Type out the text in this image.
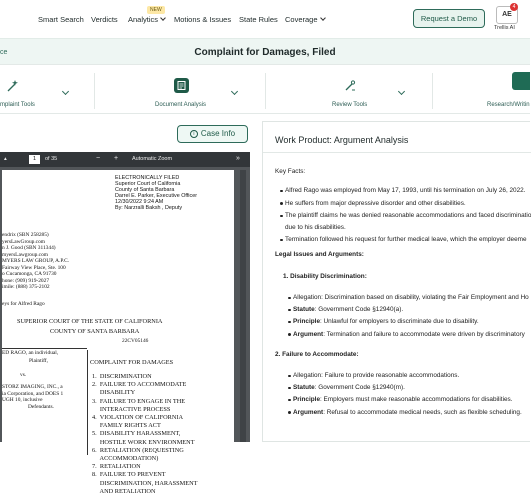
Smart Search Verdicts
NEW
Analytics	Motions & Issues State Rules Coverage	Request a Demo	AE
4
Trellis AI
ce	Complaint for Damages, Filed
mplaint Tools	Document Analysis	Review Tools	Research/Writin
i Case Info
▴	1	of 35	− +	Automatic Zoom	»
ELECTRONICALLY FILED
Superior Court of California
County of Santa Barbara
Darrel E. Parker, Executive Officer
12/30/2022 9:24 AM
By: Narzralli Baksh , Deputy
endrix (SBN 258285)
yersLawGroup.com
n J. Good (SBN 311344)
myersLawgroup.com
MYERS LAW GROUP, A.P.C.
Fairway View Place, Ste. 100
o Cucamonga, CA 91730
hone: (909) 919-2027
imile: (888) 375-2102
eys for Alfred Rago
SUPERIOR COURT OF THE STATE OF CALIFORNIA
COUNTY OF SANTA BARBARA
22CV05146
ED RAGO, an individual,
Plaintiff,
vs.
STORZ IMAGING, INC., a
ia Corporation, and DOES 1
UGH 10, inclusive
Defendants.
COMPLAINT FOR DAMAGES
1.  DISCRIMINATION
2.  FAILURE TO ACCOMMODATE
DISABILITY
3.  FAILURE TO ENGAGE IN THE
INTERACTIVE PROCESS
4.  VIOLATION OF CALIFORNIA
FAMILY RIGHTS ACT
5.  DISABILITY HARASSMENT,
HOSTILE WORK ENVIRONMENT
6.  RETALIATION (REQUESTING
ACCOMMODATION)
7.  RETALIATION
8.  FAILURE TO PREVENT
DISCRIMINATION, HARASSMENT
AND RETALIATION
Work Product: Argument Analysis
Key Facts:
Alfred Rago was employed from May 17, 1993, until his termination on July 26, 2022.
He suffers from major depressive disorder and other disabilities.
The plaintiff claims he was denied reasonable accommodations and faced discriminatio
due to his disabilities.
Termination followed his request for further medical leave, which the employer deeme
Legal Issues and Arguments:
1. Disability Discrimination:
Allegation: Discrimination based on disability, violating the Fair Employment and Ho
Statute: Government Code §12940(a).
Principle: Unlawful for employers to discriminate due to disability.
Argument: Termination and failure to accommodate were driven by discriminatory
2. Failure to Accommodate:
Allegation: Failure to provide reasonable accommodations.
Statute: Government Code §12940(m).
Principle: Employers must make reasonable accommodations for disabilities.
Argument: Refusal to accommodate medical needs, such as flexible scheduling.
